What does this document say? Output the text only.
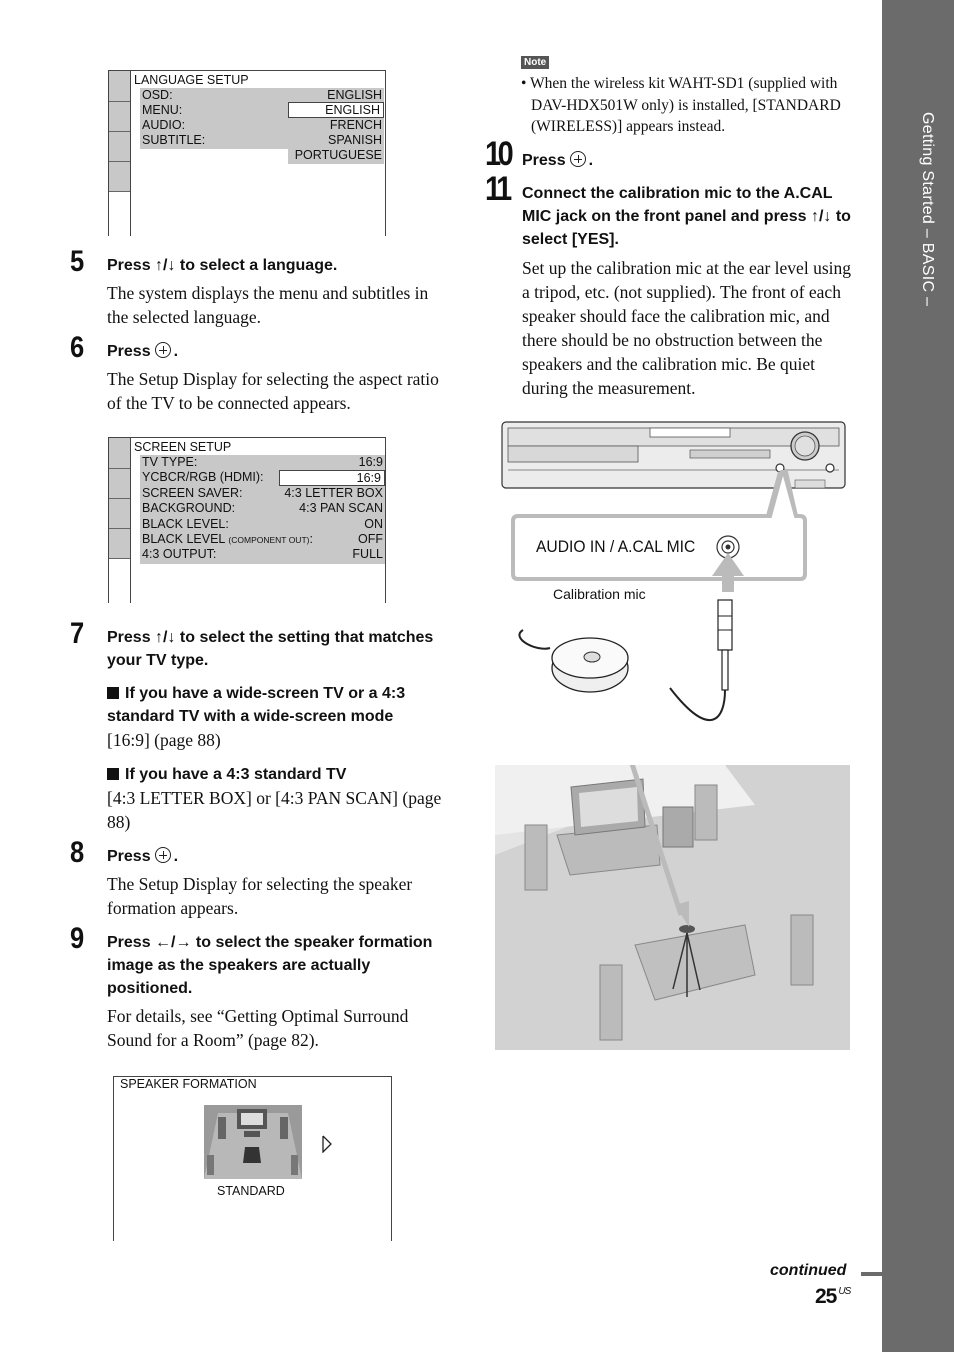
Getting Started – BASIC –
LANGUAGE SETUP
OSD:
MENU:
AUDIO:
SUBTITLE:
ENGLISH
ENGLISH
FRENCH
SPANISH
PORTUGUESE
5 Press ↑/↓ to select a language.
The system displays the menu and subtitles in the selected language.
6 Press .
The Setup Display for selecting the aspect ratio of the TV to be connected appears.
SCREEN SETUP
TV TYPE:
YCBCR/RGB (HDMI):
SCREEN SAVER:
BACKGROUND:
BLACK LEVEL:
BLACK LEVEL (COMPONENT OUT):
4:3 OUTPUT:
16:9
16:9
4:3 LETTER BOX
4:3 PAN SCAN
ON
OFF
FULL
7 Press ↑/↓ to select the setting that matches your TV type.
If you have a wide-screen TV or a 4:3 standard TV with a wide-screen mode
[16:9] (page 88)
If you have a 4:3 standard TV
[4:3 LETTER BOX] or [4:3 PAN SCAN] (page 88)
8 Press .
The Setup Display for selecting the speaker formation appears.
9 Press ←/→ to select the speaker formation image as the speakers are actually positioned.
For details, see “Getting Optimal Surround Sound for a Room” (page 82).
SPEAKER FORMATION
STANDARD
Note
• When the wireless kit WAHT-SD1 (supplied with DAV-HDX501W only) is installed, [STANDARD (WIRELESS)] appears instead.
10 Press .
11 Connect the calibration mic to the A.CAL MIC jack on the front panel and press ↑/↓ to select [YES].
Set up the calibration mic at the ear level using a tripod, etc. (not supplied). The front of each speaker should face the calibration mic, and there should be no obstruction between the speakers and the calibration mic. Be quiet during the measurement.
AUDIO IN / A.CAL MIC
Calibration mic
continued
25 $^{US}$
